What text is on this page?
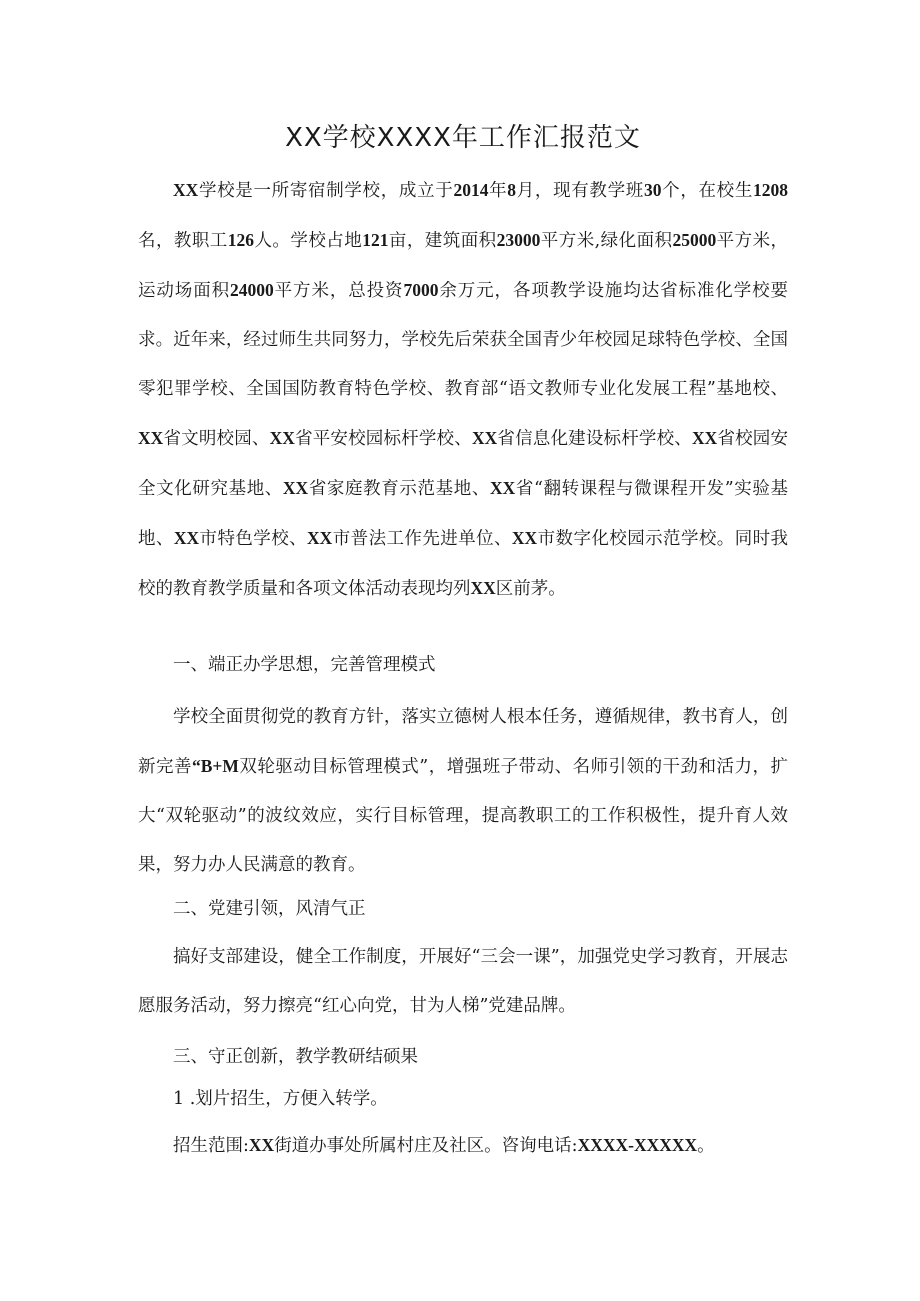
XX学校XXXX年工作汇报范文

XX学校是一所寄宿制学校，成立于2014年8月，现有教学班30个，在校生1208名，教职工126人。学校占地121亩，建筑面积23000平方米,绿化面积25000平方米，运动场面积24000平方米，总投资7000余万元，各项教学设施均达省标准化学校要求。近年来，经过师生共同努力，学校先后荣获全国青少年校园足球特色学校、全国零犯罪学校、全国国防教育特色学校、教育部“语文教师专业化发展工程”基地校、XX省文明校园、XX省平安校园标杆学校、XX省信息化建设标杆学校、XX省校园安全文化研究基地、XX省家庭教育示范基地、XX省“翻转课程与微课程开发”实验基地、XX市特色学校、XX市普法工作先进单位、XX市数字化校园示范学校。同时我校的教育教学质量和各项文体活动表现均列XX区前茅。

一、端正办学思想，完善管理模式

学校全面贯彻党的教育方针，落实立德树人根本任务，遵循规律，教书育人，创新完善“B+M双轮驱动目标管理模式”，增强班子带动、名师引领的干劲和活力，扩大“双轮驱动”的波纹效应，实行目标管理，提高教职工的工作积极性，提升育人效果，努力办人民满意的教育。

二、党建引领，风清气正

搞好支部建设，健全工作制度，开展好“三会一课”，加强党史学习教育，开展志愿服务活动，努力擦亮“红心向党，甘为人梯”党建品牌。

三、守正创新，教学教研结硕果

1 .划片招生，方便入转学。

招生范围:XX街道办事处所属村庄及社区。咨询电话:XXXX-XXXXX。
